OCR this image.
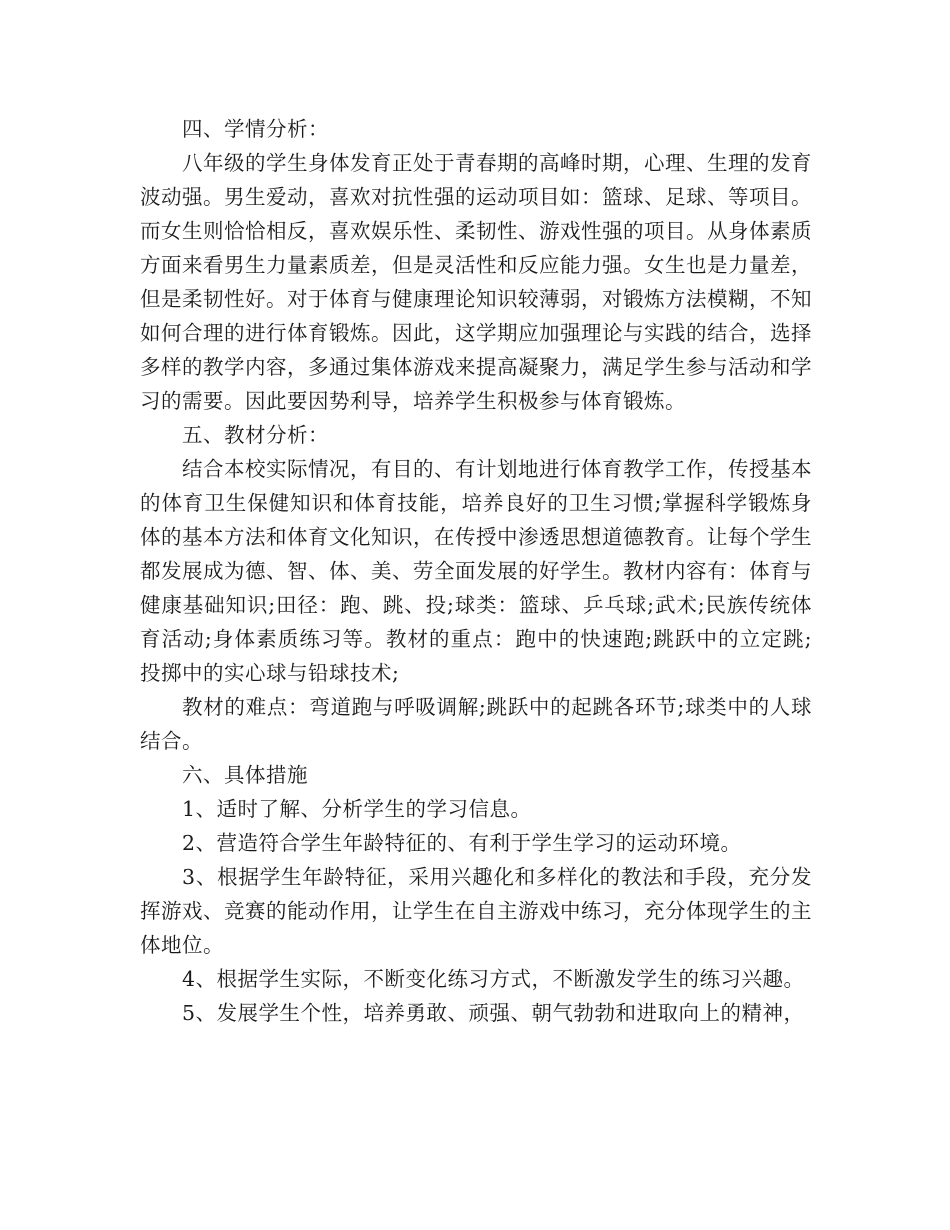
四、学情分析：

八年级的学生身体发育正处于青春期的高峰时期，心理、生理的发育波动强。男生爱动，喜欢对抗性强的运动项目如：篮球、足球、等项目。而女生则恰恰相反，喜欢娱乐性、柔韧性、游戏性强的项目。从身体素质方面来看男生力量素质差，但是灵活性和反应能力强。女生也是力量差，但是柔韧性好。对于体育与健康理论知识较薄弱，对锻炼方法模糊，不知如何合理的进行体育锻炼。因此，这学期应加强理论与实践的结合，选择多样的教学内容，多通过集体游戏来提高凝聚力，满足学生参与活动和学习的需要。因此要因势利导，培养学生积极参与体育锻炼。

五、教材分析：

结合本校实际情况，有目的、有计划地进行体育教学工作，传授基本的体育卫生保健知识和体育技能，培养良好的卫生习惯;掌握科学锻炼身体的基本方法和体育文化知识，在传授中渗透思想道德教育。让每个学生都发展成为德、智、体、美、劳全面发展的好学生。教材内容有：体育与健康基础知识;田径：跑、跳、投;球类：篮球、乒乓球;武术;民族传统体育活动;身体素质练习等。教材的重点：跑中的快速跑;跳跃中的立定跳;投掷中的实心球与铅球技术;

教材的难点：弯道跑与呼吸调解;跳跃中的起跳各环节;球类中的人球结合。

六、具体措施

1、适时了解、分析学生的学习信息。

2、营造符合学生年龄特征的、有利于学生学习的运动环境。

3、根据学生年龄特征，采用兴趣化和多样化的教法和手段，充分发挥游戏、竞赛的能动作用，让学生在自主游戏中练习，充分体现学生的主体地位。

4、根据学生实际，不断变化练习方式，不断激发学生的练习兴趣。

5、发展学生个性，培养勇敢、顽强、朝气勃勃和进取向上的精神，
